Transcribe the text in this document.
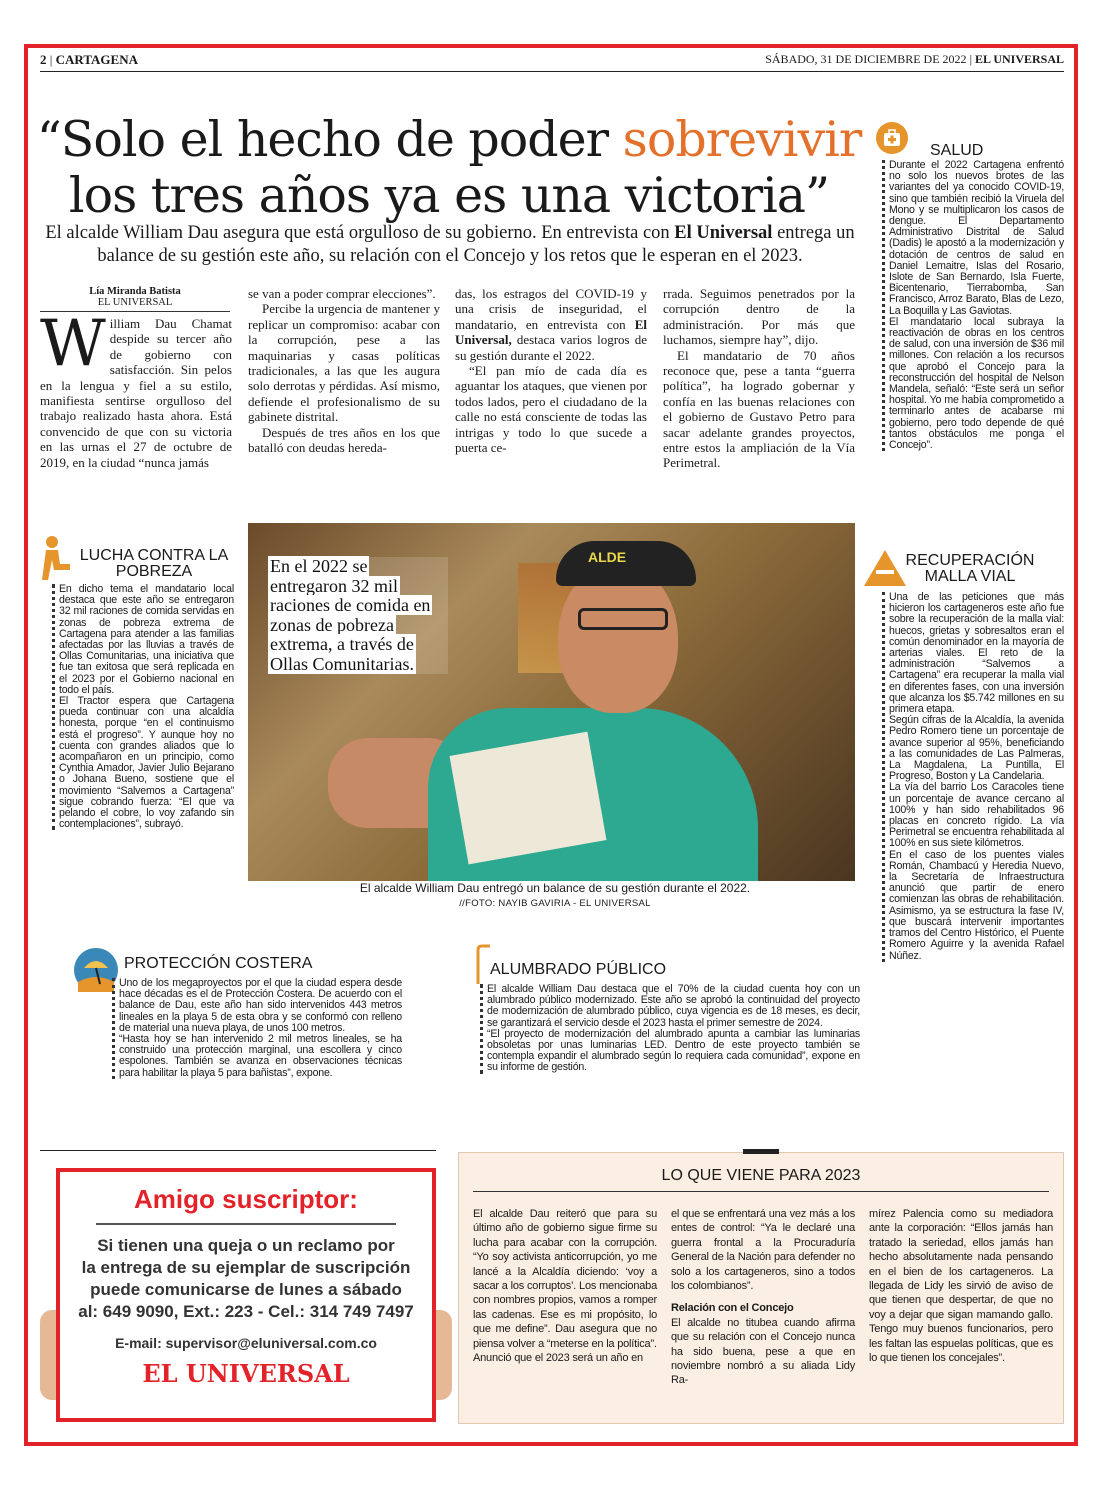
2 | CARTAGENA	SÁBADO, 31 DE DICIEMBRE DE 2022 | EL UNIVERSAL
“Solo el hecho de poder sobrevivir los tres años ya es una victoria”
El alcalde William Dau asegura que está orgulloso de su gobierno. En entrevista con El Universal entrega un balance de su gestión este año, su relación con el Concejo y los retos que le esperan en el 2023.
Lía Miranda Batista
EL UNIVERSAL

William Dau Chamat despide su tercer año de gobierno con satisfacción. Sin pelos en la lengua y fiel a su estilo, manifiesta sentirse orgulloso del trabajo realizado hasta ahora. Está convencido de que con su victoria en las urnas el 27 de octubre de 2019, en la ciudad “nunca jamás

se van a poder comprar elecciones”.

Percibe la urgencia de mantener y replicar un compromiso: acabar con la corrupción, pese a las maquinarias y casas políticas tradicionales, a las que les augura solo derrotas y pérdidas. Así mismo, defiende el profesionalismo de su gabinete distrital.

Después de tres años en los que batalló con deudas hereda-

das, los estragos del COVID-19 y una crisis de inseguridad, el mandatario, en entrevista con El Universal, destaca varios logros de su gestión durante el 2022.

“El pan mío de cada día es aguantar los ataques, que vienen por todos lados, pero el ciudadano de la calle no está consciente de todas las intrigas y todo lo que sucede a puerta ce-

rrada. Seguimos penetrados por la corrupción dentro de la administración. Por más que luchamos, siempre hay”, dijo.

El mandatario de 70 años reconoce que, pese a tanta “guerra política”, ha logrado gobernar y confía en las buenas relaciones con el gobierno de Gustavo Petro para sacar adelante grandes proyectos, entre estos la ampliación de la Vía Perimetral.

SALUD
Durante el 2022 Cartagena enfrentó no solo los nuevos brotes de las variantes del ya conocido COVID-19, sino que también recibió la Viruela del Mono y se multiplicaron los casos de dengue. El Departamento Administrativo Distrital de Salud (Dadis) le apostó a la modernización y dotación de centros de salud en Daniel Lemaitre, Islas del Rosario, Islote de San Bernardo, Isla Fuerte, Bicentenario, Tierrabomba, San Francisco, Arroz Barato, Blas de Lezo, La Boquilla y Las Gaviotas.
El mandatario local subraya la reactivación de obras en los centros de salud, con una inversión de $36 mil millones. Con relación a los recursos que aprobó el Concejo para la reconstrucción del hospital de Nelson Mandela, señaló: “Este será un señor hospital. Yo me había comprometido a terminarlo antes de acabarse mi gobierno, pero todo depende de qué tantos obstáculos me ponga el Concejo”.
LUCHA CONTRA LA POBREZA
En dicho tema el mandatario local destaca que este año se entregaron 32 mil raciones de comida servidas en zonas de pobreza extrema de Cartagena para atender a las familias afectadas por las lluvias a través de Ollas Comunitarias, una iniciativa que fue tan exitosa que será replicada en el 2023 por el Gobierno nacional en todo el país.
El Tractor espera que Cartagena pueda continuar con una alcaldía honesta, porque “en el continuismo está el progreso”. Y aunque hoy no cuenta con grandes aliados que lo acompañaron en un principio, como Cynthia Amador, Javier Julio Bejarano o Johana Bueno, sostiene que el movimiento “Salvemos a Cartagena” sigue cobrando fuerza: “El que va pelando el cobre, lo voy zafando sin contemplaciones”, subrayó.
ALDE
En el 2022 se entregaron 32 mil raciones de comida en zonas de pobreza extrema, a través de Ollas Comunitarias.
El alcalde William Dau entregó un balance de su gestión durante el 2022.
//FOTO: NAYIB GAVIRIA - EL UNIVERSAL
RECUPERACIÓN MALLA VIAL
Una de las peticiones que más hicieron los cartageneros este año fue sobre la recuperación de la malla vial: huecos, grietas y sobresaltos eran el común denominador en la mayoría de arterias viales. El reto de la administración “Salvemos a Cartagena” era recuperar la malla vial en diferentes fases, con una inversión que alcanza los $5.742 millones en su primera etapa.
Según cifras de la Alcaldía, la avenida Pedro Romero tiene un porcentaje de avance superior al 95%, beneficiando a las comunidades de Las Palmeras, La Magdalena, La Puntilla, El Progreso, Boston y La Candelaria.
La vía del barrio Los Caracoles tiene un porcentaje de avance cercano al 100% y han sido rehabilitados 96 placas en concreto rígido. La vía Perimetral se encuentra rehabilitada al 100% en sus siete kilómetros.
En el caso de los puentes viales Román, Chambacú y Heredia Nuevo, la Secretaría de Infraestructura anunció que partir de enero comienzan las obras de rehabilitación. Asimismo, ya se estructura la fase IV, que buscará intervenir importantes tramos del Centro Histórico, el Puente Romero Aguirre y la avenida Rafael Núñez.
PROTECCIÓN COSTERA
Uno de los megaproyectos por el que la ciudad espera desde hace décadas es el de Protección Costera. De acuerdo con el balance de Dau, este año han sido intervenidos 443 metros lineales en la playa 5 de esta obra y se conformó con relleno de material una nueva playa, de unos 100 metros.
“Hasta hoy se han intervenido 2 mil metros lineales, se ha construido una protección marginal, una escollera y cinco espolones. También se avanza en observaciones técnicas para habilitar la playa 5 para bañistas”, expone.
ALUMBRADO PÚBLICO
El alcalde William Dau destaca que el 70% de la ciudad cuenta hoy con un alumbrado público modernizado. Este año se aprobó la continuidad del proyecto de modernización de alumbrado público, cuya vigencia es de 18 meses, es decir, se garantizará el servicio desde el 2023 hasta el primer semestre de 2024.
“El proyecto de modernización del alumbrado apunta a cambiar las luminarias obsoletas por unas luminarias LED. Dentro de este proyecto también se contempla expandir el alumbrado según lo requiera cada comunidad”, expone en su informe de gestión.
Amigo suscriptor:
Si tienen una queja o un reclamo por
la entrega de su ejemplar de suscripción
puede comunicarse de lunes a sábado
al: 649 9090, Ext.: 223 - Cel.: 314 749 7497
E-mail: supervisor@eluniversal.com.co
EL UNIVERSAL
LO QUE VIENE PARA 2023
El alcalde Dau reiteró que para su último año de gobierno sigue firme su lucha para acabar con la corrupción. “Yo soy activista anticorrupción, yo me lancé a la Alcaldía diciendo: ‘voy a sacar a los corruptos’. Los mencionaba con nombres propios, vamos a romper las cadenas. Ese es mi propósito, lo que me define”. Dau asegura que no piensa volver a “meterse en la política”.
Anunció que el 2023 será un año en
el que se enfrentará una vez más a los entes de control: “Ya le declaré una guerra frontal a la Procuraduría General de la Nación para defender no solo a los cartageneros, sino a todos los colombianos”.
Relación con el Concejo
El alcalde no titubea cuando afirma que su relación con el Concejo nunca ha sido buena, pese a que en noviembre nombró a su aliada Lidy Ra-
mírez Palencia como su mediadora ante la corporación: “Ellos jamás han tratado la seriedad, ellos jamás han hecho absolutamente nada pensando en el bien de los cartageneros. La llegada de Lidy les sirvió de aviso de que tienen que despertar, de que no voy a dejar que sigan mamando gallo. Tengo muy buenos funcionarios, pero les faltan las espuelas políticas, que es lo que tienen los concejales”.
